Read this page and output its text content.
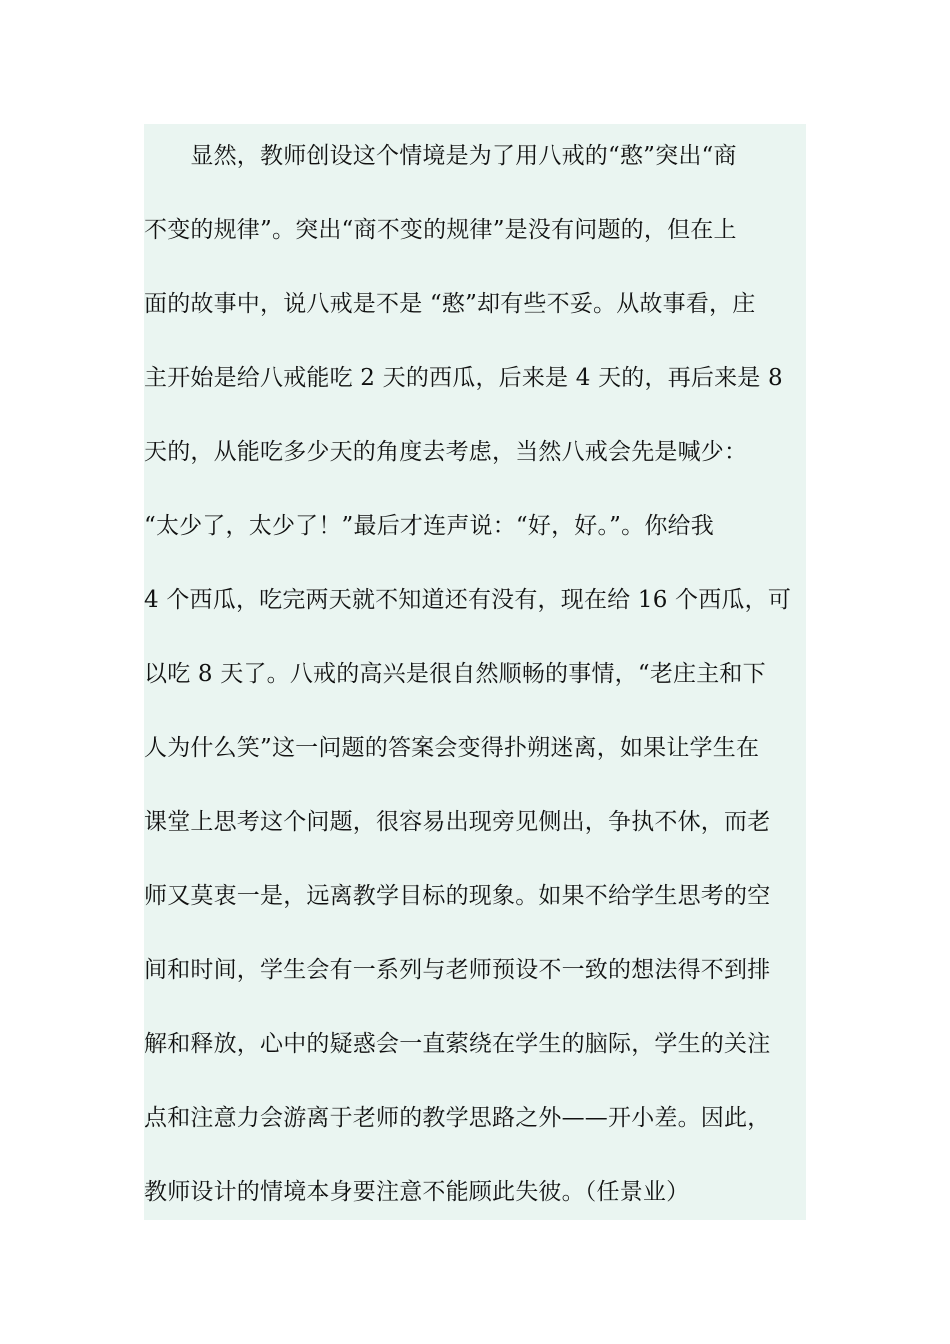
　　显然，教师创设这个情境是为了用八戒的“憨”突出“商
不变的规律”。突出“商不变的规律”是没有问题的，但在上
面的故事中，说八戒是不是 “憨”却有些不妥。从故事看，庄
主开始是给八戒能吃 2 天的西瓜，后来是 4 天的，再后来是 8
天的，从能吃多少天的角度去考虑，当然八戒会先是喊少：
“太少了，太少了！”最后才连声说：“好，好。”。你给我
4 个西瓜，吃完两天就不知道还有没有，现在给 16 个西瓜，可
以吃 8 天了。八戒的高兴是很自然顺畅的事情，“老庄主和下
人为什么笑”这一问题的答案会变得扑朔迷离，如果让学生在
课堂上思考这个问题，很容易出现旁见侧出，争执不休，而老
师又莫衷一是，远离教学目标的现象。如果不给学生思考的空
间和时间，学生会有一系列与老师预设不一致的想法得不到排
解和释放，心中的疑惑会一直萦绕在学生的脑际，学生的关注
点和注意力会游离于老师的教学思路之外——开小差。因此，
教师设计的情境本身要注意不能顾此失彼。（任景业）
